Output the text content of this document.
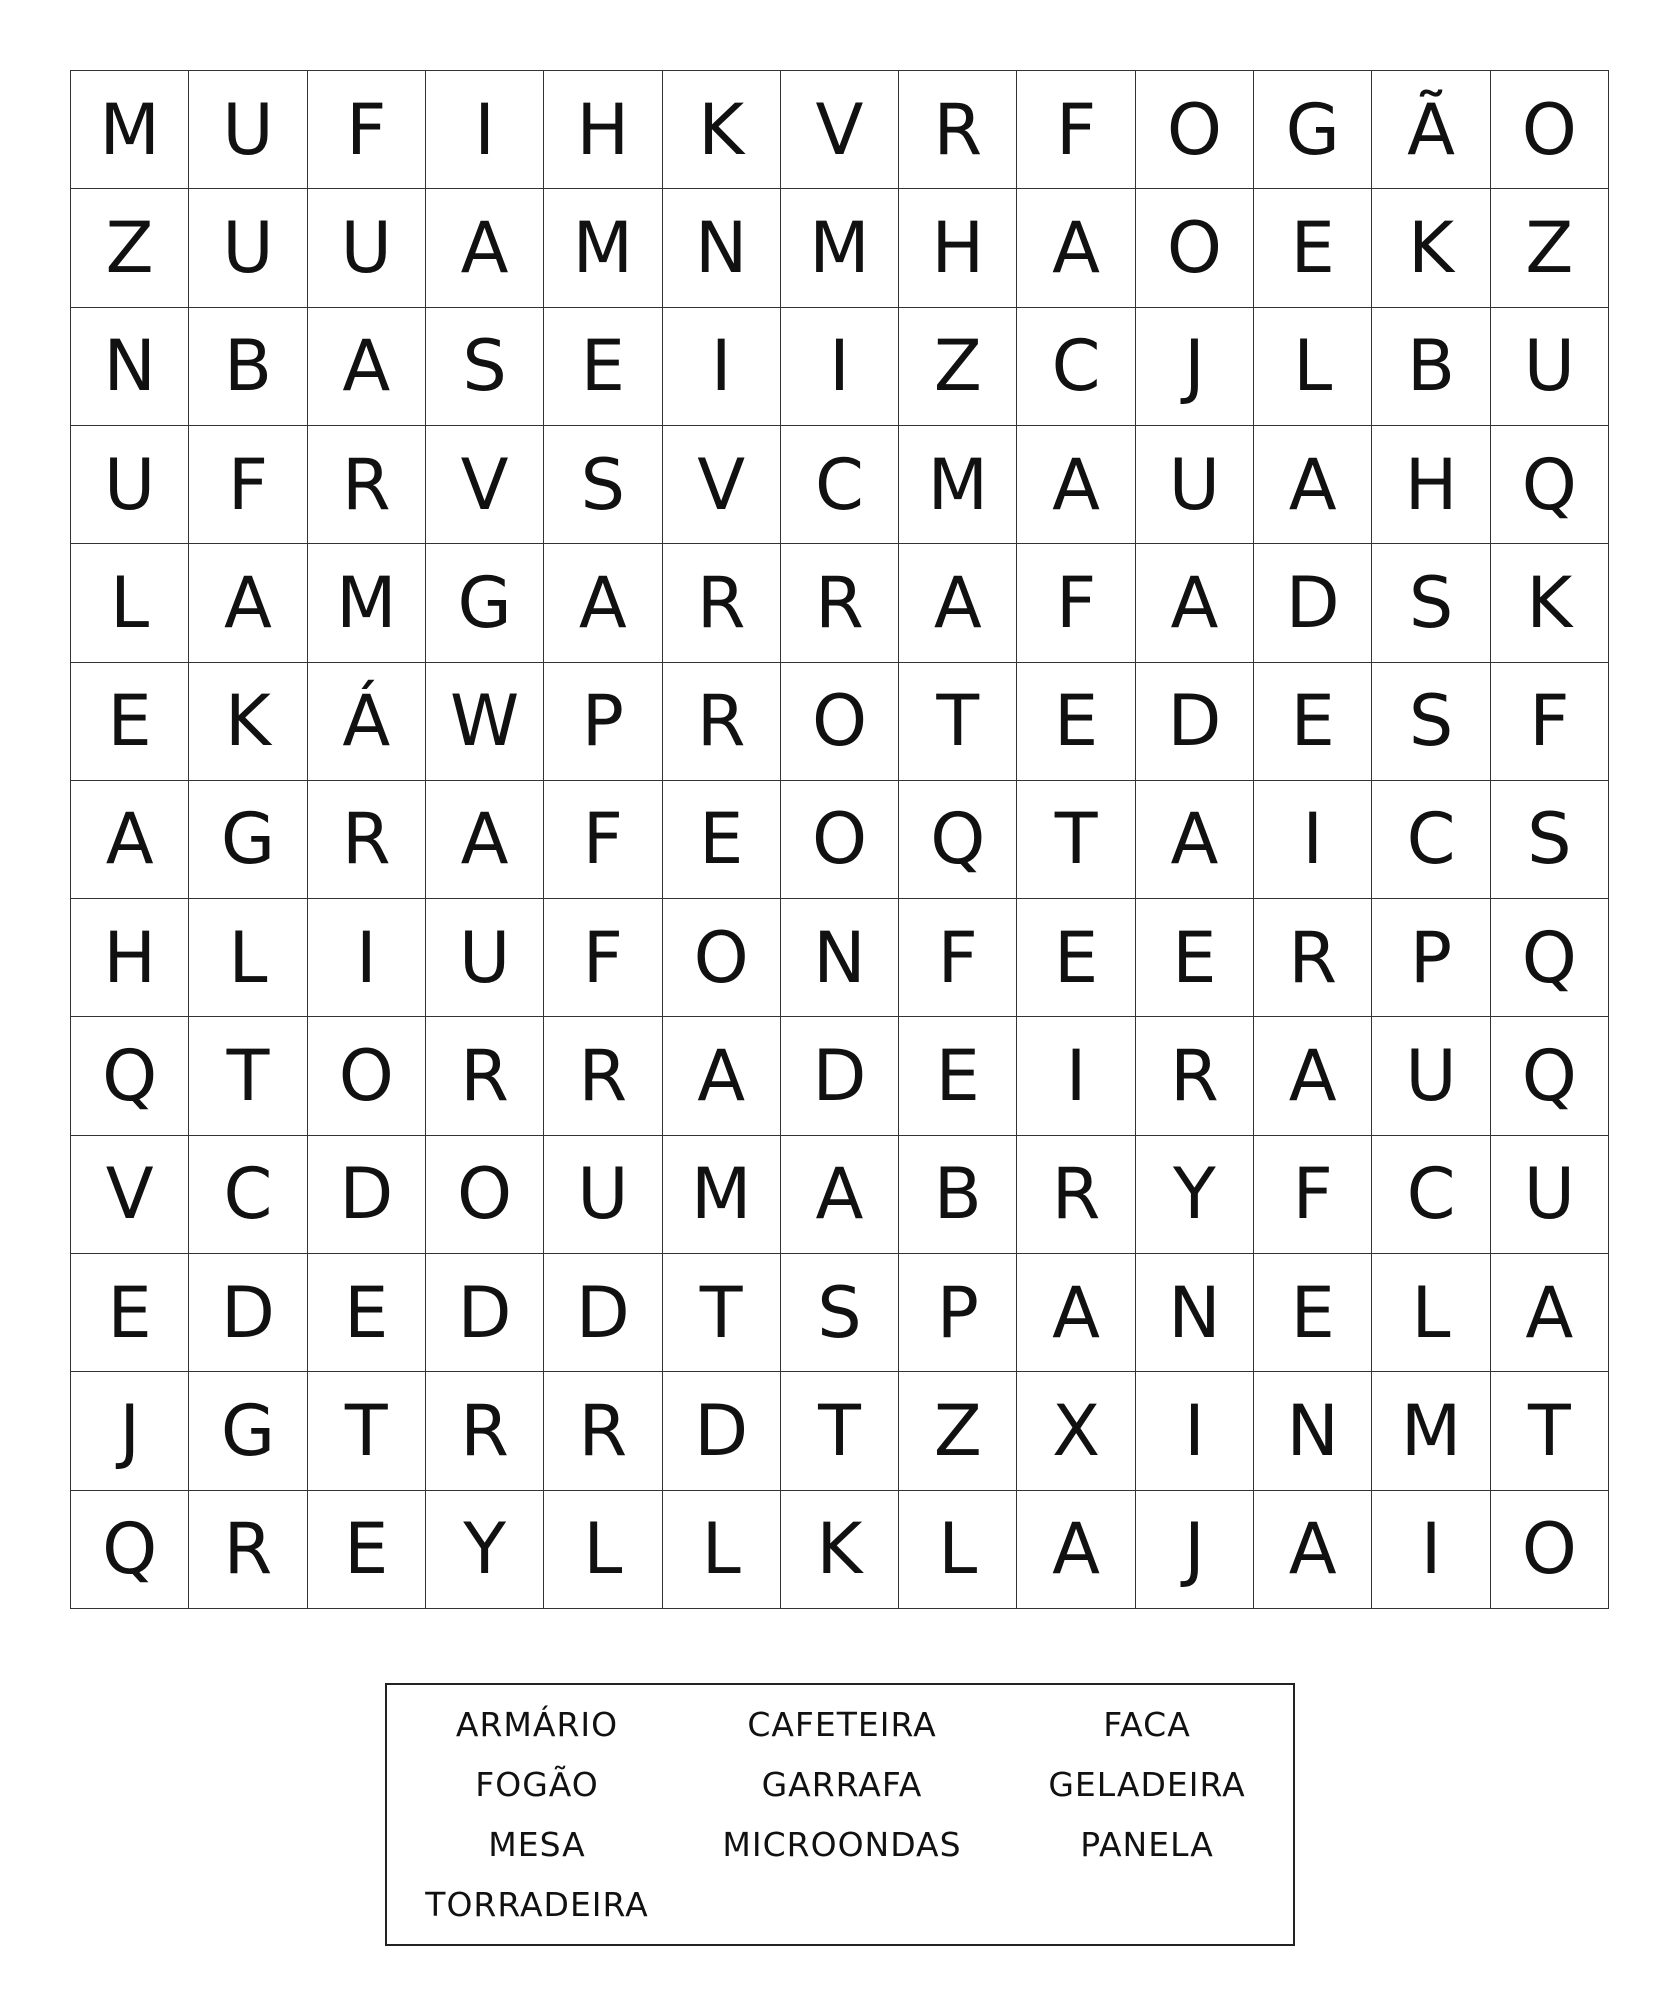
M U	F	I	H K	V	R	F	O G Ã O
Z U U A M N M H A O E	K	Z
N B	A	S	E	I	I	Z C	J	L	B U
U	F	R	V	S	V C M A U A H Q
L	A M G A	R R	A	F	A D S	K
E	K	Á W P	R O T	E D E	S	F
A G R	A	F	E O Q T	A	I	C	S
H	L	I	U	F	O N	F	E	E	R	P Q
Q T O R R	A D E	I	R	A U Q
V C D O U M A	B R	Y	F	C U
E D E D D T	S	P	A N	E	L	A
J	G T	R R D T	Z	X	I	N M T
Q R	E	Y	L	L	K	L	A	J	A	I	O
ARMÁRIO	CAFETEIRA	FACA
FOGÃO	GARRAFA	GELADEIRA
MESA	MICROONDAS	PANELA
TORRADEIRA
